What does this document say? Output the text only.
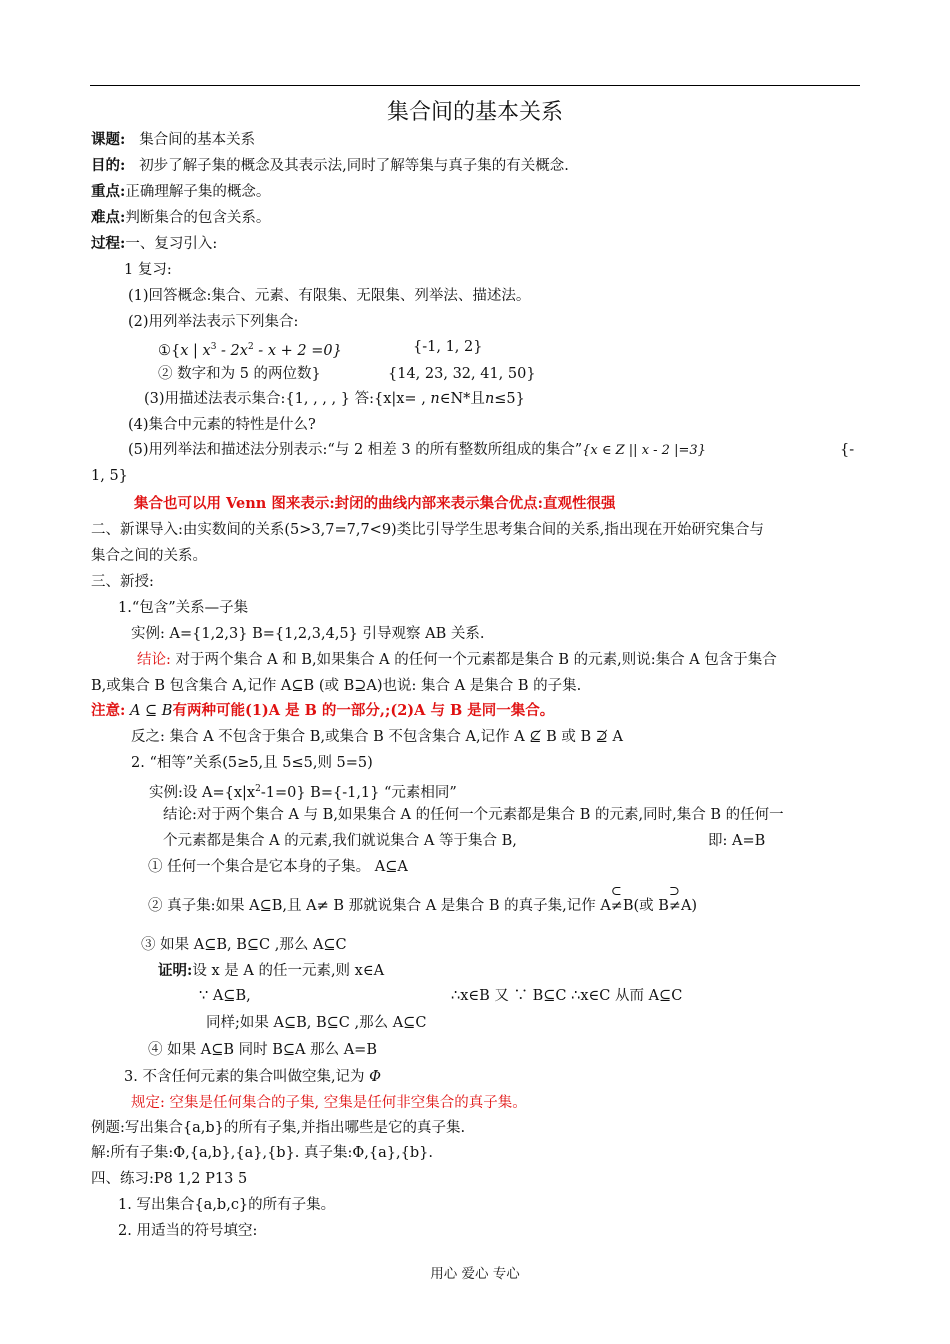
集合间的基本关系
课题: 集合间的基本关系
目的: 初步了解子集的概念及其表示法,同时了解等集与真子集的有关概念.
重点:正确理解子集的概念。
难点:判断集合的包含关系。
过程:一、复习引入:
1 复习:
(1)回答概念:集合、元素、有限集、无限集、列举法、描述法。
(2)用列举法表示下列集合:
①{x | $x^3 - 2x^2 - x + 2 =0$}	{-1, 1, 2}
② 数字和为 5 的两位数}	{14, 23, 32, 41, 50}
(3)用描述法表示集合:{1, , , , } 答:{x|x= , n∈N*且n≤5}
(4)集合中元素的特性是什么?
(5)用列举法和描述法分别表示:“与 2 相差 3 的所有整数所组成的集合”{x ∈ Z || x - 2 |=3}	{-
1, 5}
集合也可以用 Venn 图来表示:封闭的曲线内部来表示集合优点:直观性很强
二、新课导入:由实数间的关系(5>3,7=7,7<9)类比引导学生思考集合间的关系,指出现在开始研究集合与
集合之间的关系。
三、新授:
1.“包含”关系—子集
实例: A={1,2,3} B={1,2,3,4,5} 引导观察 AB 关系.
结论: 对于两个集合 A 和 B,如果集合 A 的任何一个元素都是集合 B 的元素,则说:集合 A 包含于集合
B,或集合 B 包含集合 A,记作 A⊆B (或 B⊇A)也说: 集合 A 是集合 B 的子集.
注意: A ⊆ B有两种可能(1)A 是 B 的一部分,;(2)A 与 B 是同一集合。
反之: 集合 A 不包含于集合 B,或集合 B 不包含集合 A,记作 A ⊈ B 或 B ⊉ A
2. “相等”关系(5≥5,且 5≤5,则 5=5)
实例:设 $A=\{x|x^2-1=0\}$ B={-1,1} “元素相同”
结论:对于两个集合 A 与 B,如果集合 A 的任何一个元素都是集合 B 的元素,同时,集合 B 的任何一
个元素都是集合 A 的元素,我们就说集合 A 等于集合 B,	即: A=B
① 任何一个集合是它本身的子集。 A⊆A
② 真子集:如果 A⊆B,且 A≠ B 那就说集合 A 是集合 B 的真子集,记作 A
⊂
≠ B(或 B
⊃
≠ A)
③ 如果 A⊆B, B⊆C ,那么 A⊆C
证明:设 x 是 A 的任一元素,则 x∈A
∵ A⊆B,	∴x∈B 又 ∵ B⊆C ∴x∈C 从而 A⊆C
同样;如果 A⊆B, B⊆C ,那么 A⊆C
④ 如果 A⊆B 同时 B⊆A 那么 A=B
3. 不含任何元素的集合叫做空集,记为 Φ
规定: 空集是任何集合的子集, 空集是任何非空集合的真子集。
例题:写出集合{a,b}的所有子集,并指出哪些是它的真子集.
解:所有子集:Φ,{a,b},{a},{b}. 真子集:Φ,{a},{b}.
四、练习:P8 1,2 P13 5
1. 写出集合{a,b,c}的所有子集。
2. 用适当的符号填空:
用心 爱心 专心
